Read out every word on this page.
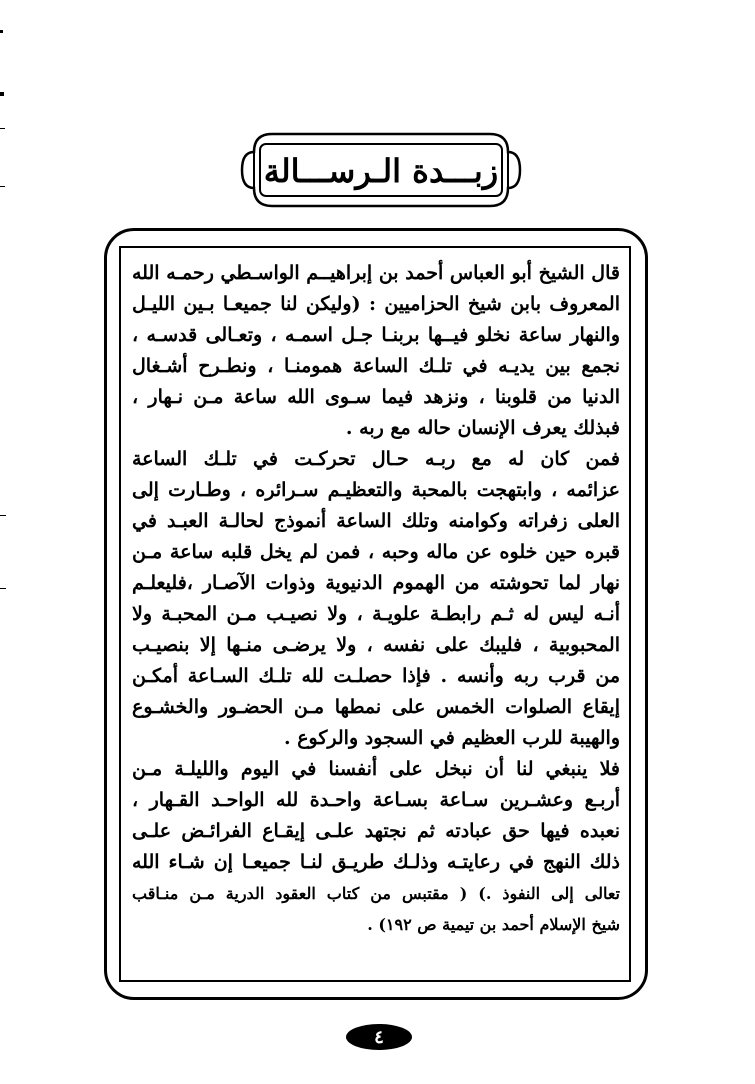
زبـــدة الـرســـالة
قال الشيخ أبو العباس أحمد بن إبراهيــم الواسـطي رحمـه الله
المعروف بابن شيخ الحزاميين : (وليكن لنا جميعـا بـين الليـل
والنهار ساعة نخلو فيــها بربنـا جـل اسمـه ، وتعـالى قدسـه ،
نجمع بين يديـه في تلـك الساعة همومنـا ، ونطـرح أشـغال
الدنيا من قلوبنا ، ونزهد فيما سـوى الله ساعة مـن نـهار ،
فبذلك يعرف الإنسان حاله مع ربه .
فمن كان له مع ربـه حـال تحركـت في تلـك الساعة
عزائمه ، وابتهجت بالمحبة والتعظيـم سـرائره ، وطـارت إلى
العلى زفراته وكوامنه وتلك الساعة أنموذج لحالـة العبـد في
قبره حين خلوه عن ماله وحبه ، فمن لم يخل قلبه ساعة مـن
نهار لما تحوشته من الهموم الدنيوية وذوات الآصـار ،فليعلـم
أنـه ليس له ثـم رابطـة علويـة ، ولا نصيـب مـن المحبـة ولا
المحبوبية ، فليبك على نفسه ، ولا يرضـى منـها إلا بنصيـب
من قرب ربه وأنسه . فإذا حصلـت لله تلـك السـاعة أمكـن
إيقاع الصلوات الخمس على نمطها مـن الحضـور والخشـوع
والهيبة للرب العظيم في السجود والركوع .
فلا ينبغي لنا أن نبخل على أنفسنا في اليوم والليلـة مـن
أربـع وعشـرين سـاعة بسـاعة واحـدة لله الواحـد القـهار ،
نعبده فيها حق عبادته ثم نجتهد علـى إيقـاع الفرائـض علـى
ذلك النهج في رعايتـه وذلـك طريـق لنـا جميعـا إن شـاء الله
تعالى إلى النفوذ .) ( مقتبس من كتاب العقود الدرية مـن منـاقب
شيخ الإسلام أحمد بن تيمية ص ١٩٢) .
٤
